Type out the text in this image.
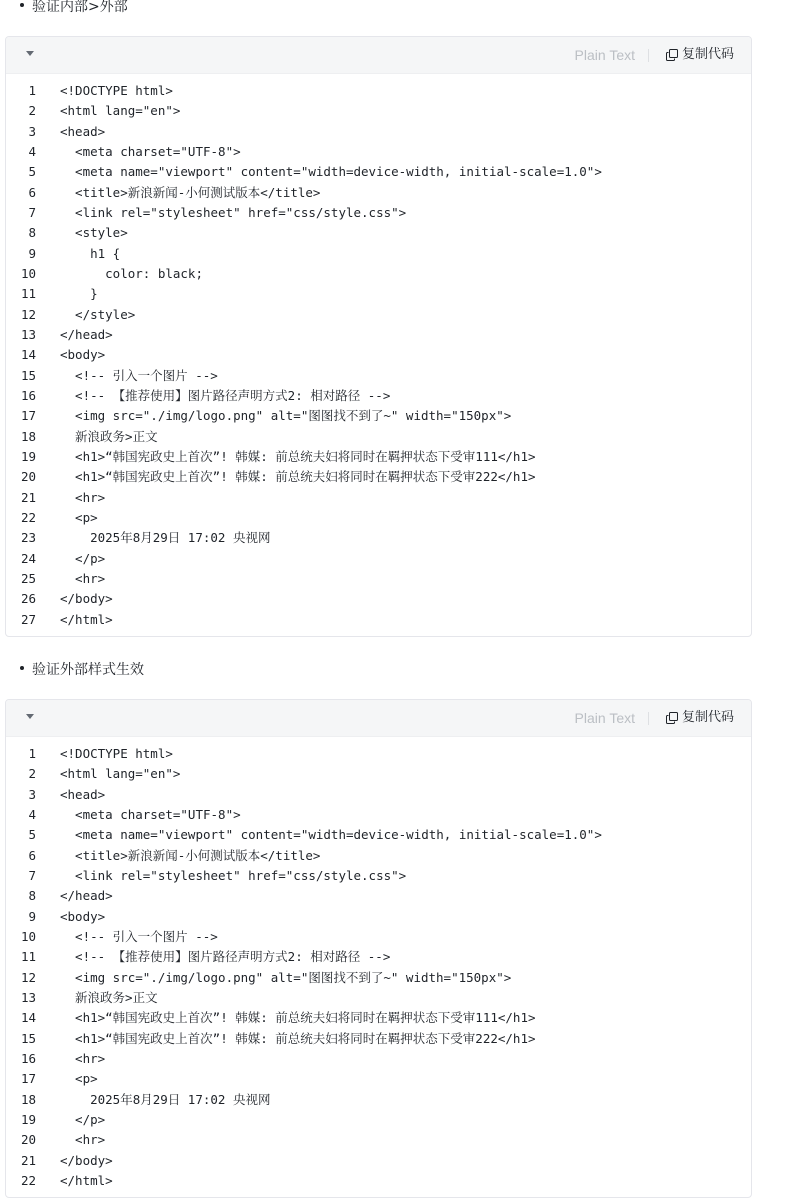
验证内部>外部
Plain Text	复制代码
1	<!DOCTYPE html>
2	<html lang="en">
3	<head>
4	<meta charset="UTF-8">
5	<meta name="viewport" content="width=device-width, initial-scale=1.0">
6	<title>新浪新闻-小何测试版本</title>
7	<link rel="stylesheet" href="css/style.css">
8	<style>
9	h1 {
10	color: black;
11	}
12	</style>
13	</head>
14	<body>
15	<!-- 引入一个图片 -->
16	<!-- 【推荐使用】图片路径声明方式2: 相对路径 -->
17	<img src="./img/logo.png" alt="图图找不到了~" width="150px">
18	新浪政务>正文
19	<h1>“韩国宪政史上首次”! 韩媒: 前总统夫妇将同时在羁押状态下受审111</h1>
20	<h1>“韩国宪政史上首次”! 韩媒: 前总统夫妇将同时在羁押状态下受审222</h1>
21	<hr>
22	<p>
23	2025年8月29日 17:02 央视网
24	</p>
25	<hr>
26	</body>
27	</html>
验证外部样式生效
Plain Text	复制代码
1	<!DOCTYPE html>
2	<html lang="en">
3	<head>
4	<meta charset="UTF-8">
5	<meta name="viewport" content="width=device-width, initial-scale=1.0">
6	<title>新浪新闻-小何测试版本</title>
7	<link rel="stylesheet" href="css/style.css">
8	</head>
9	<body>
10	<!-- 引入一个图片 -->
11	<!-- 【推荐使用】图片路径声明方式2: 相对路径 -->
12	<img src="./img/logo.png" alt="图图找不到了~" width="150px">
13	新浪政务>正文
14	<h1>“韩国宪政史上首次”! 韩媒: 前总统夫妇将同时在羁押状态下受审111</h1>
15	<h1>“韩国宪政史上首次”! 韩媒: 前总统夫妇将同时在羁押状态下受审222</h1>
16	<hr>
17	<p>
18	2025年8月29日 17:02 央视网
19	</p>
20	<hr>
21	</body>
22	</html>
